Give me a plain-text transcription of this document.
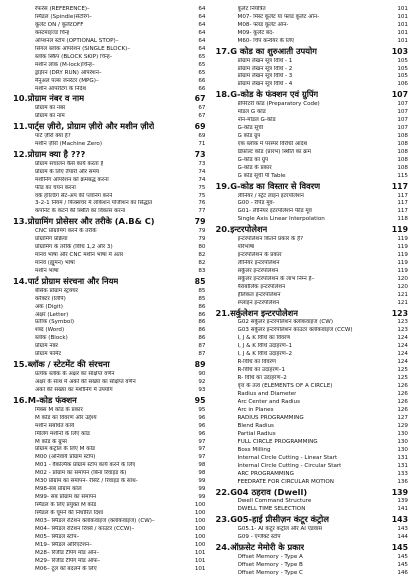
रेफरेंस (REFERENCE)–	64
स्पिंडल (Spindle)सेंटरिंग–	64
कूलेंट ON / कूलेंटOFF	64
कस्टमाइज्ड चिन्ह	64
ऑप्शनल स्टॉप (OPTIONAL STOP)–	64
सिंगल ब्लॉक ऑपरेशन (SINGLE BLOCK)–	64
ब्लॉक स्किप (BLOCK SKIP) चिन्ह–	65
मशीन लॉक (M-lock)चिन्ह–	65
ड्राईरन (DRY RUN) ऑपरेशन–	65
मैनुअल पल्स जनरेटर (MPG)–	66
मशीन ऑपरेटिंग के निर्देश	66
10.प्रोग्राम नंबर व नाम	67
प्रोग्राम का नंबर	67
प्रोग्राम का नाम	67
11.पार्ट्स ज़ीरो, प्रोग्राम ज़ीरो और मशीन ज़ीरो	69
पार्ट ज़ीरो क्या है?	69
मशीन ज़ीरो (Machine Zero)	71
12.प्रोग्राम क्या है ???	73
प्रोग्राम संचालन कैसे कार्य करता है	73
प्रोग्राम के लिए तैयारी और समय	74
मशीनिंग ऑपरेशन को क्रमबद्ध करना	74
फीड का चयन करना	75
वर्क होल्डिंग सेट-अप की प्लानिंग करने	75
3-2-1 नियम / फिक्सचर में लोकेशन पोजीशन का सिद्धांत	76
कंपोनेंट के कटने की स्थिति का विकास करना	77
13.प्रोग्रामिंग प्रोसेसर और तरीके (A.B& C)	79
CNC प्रोग्रामिंग करने के तरीके	79
प्रोग्रामिंग प्रक्रिया	79
प्रोग्रामिंग के तरीके (विधि 1,2 और 3)	80
मानव भाषा और CNC मशीन भाषा में अंतर	82
मानव (ह्यूमन) भाषा	82
मशीन भाषा	83
14.पार्ट प्रोग्राम संरचना और नियम	85
बेसिक प्रोग्राम स्ट्रक्चर	85
करैक्टर (लिपि)	85
अंक (Digit)	86
अक्षर (Letter)	86
प्रतीक (Symbol)	86
शब्द (Word)	86
ब्लॉक (Block)	86
प्रोग्राम नंबर	87
प्रोग्राम फॉर्मेट	87
15.ब्लॉक / स्टेटमेंट की संरचना	89
प्रत्येक ब्लॉक के अक्षर का संक्षिप्त वर्णन	90
अक्षर के साथ में अंकों की संख्या का संक्षिप्त वर्णन	92
अंकों की संख्या का मशीनिंग में उपयोग	93
16.M-कोड फंक्शन	95
मिक्स M कोड के प्रकार	95
M कोड का विवरण और उद्देश्य	96
मशीन संबंधित कार्य	96
मिलिंग मशीनों के लिए कोड	96
M कोड के ग्रुप्स	97
प्रोग्राम कंट्रोल के लिए M कोड	97
M00 (अनिवार्य प्रोग्राम स्टॉप)	97
M01 - वैकल्पिक प्रोग्राम स्टॉप कार्य करने के लिए	98
M02 - प्रोग्राम का समापन (बिना रिवाइंड के)	98
M30 प्रोग्राम का समापन- रीसेट / रिवाइंड के साथ-	99
M98-सब प्रोग्राम कॉल	99
M99- सब प्रोग्राम का समापन	99
स्पिंडल के लिए प्रयुक्त M कोड	100
स्पिंडल के घूमने की निर्धारित दिशा	100
M03– स्पिंडल रोटेशन क्लॉकवाइज (क्लॉकवाइज) (CW)–	100
M04– स्पिंडल रोटेशन रिवर्स / काउंटर (CCW)–	100
M05– स्पिंडल स्टॉप–	100
M19– स्पिंडल ओरिएंटेशन–	100
M28– रिजीड टैपिंग मोड ऑन–	101
M29– रिजीड टैपिंग मोड ऑफ–	101
M06– टूल को बदलने के लिए	101
कूलेंट नियंत्रित	101
M07- मिस्ट कूलेंट या फ्लड कूलेंट ऑन-	101
M08- फ्लड कूलेंट ऑन-	101
M09- कूलेंट बंद-	101
M60- चिप कन्वेयर के लिए	101
17.G कोड का शुरुआती उपयोग	103
प्रोग्राम लेखन सूत्र विधि - 1	105
प्रोग्राम लेखन सूत्र विधि - 2	105
प्रोग्राम लेखन सूत्र विधि - 3	105
प्रोग्राम लेखन सूत्र विधि - 4	106
18.G-कोड के फंक्शन एवं ग्रुपिंग	107
प्रीपेरेटरी कोड (Preparatory Code)	107
मोडल G कोड	107
नॉन-मोडल G-कोड	107
G-कोड सूची	107
G कोड ग्रुप	108
एक ब्लॉक में परस्पर विरोधी आदेश	108
डिफ़ॉल्ट कोड (प्रारंभ) स्थिति का क्रम	108
G-कोड का ग्रुप	108
G-कोड के प्रकार	108
G कोड सूची पी Table	115
19.G-कोड का विस्तार से विवरण	117
लीनियर / स्ट्रेट लाइन इंटरपोलेशन	117
G00 - रैपिड मूव-	117
G01- लीनियर इंटरपोलेशन फीड मूव	117
Single Axis Linear Interpolation	118
20.इन्टरपोलेशन	119
इन्टरपोलेशन कितने प्रकार के है?	119
परिभाषा	119
इन्टरपोलेशन के प्रकार	119
लीनियर इन्टरपोलेशन	119
सर्कुलर इन्टरपोलेशन	119
सर्कुलर इन्टरपोलेशन के लाभ निम्न है–	120
पैराबोलिक इन्टरपोलेशन	120
हेलिकल इन्टरपोलेशन	121
स्प्लाइन इन्टरपोलेशन	121
21.सर्कुलेशन इन्टरपोलेशन	123
G02 सर्कुलर इन्टरपोलेशन क्लॉकवाइज (CW)	123
G03 सर्कुलर इन्टरपोलेशन काउंटर क्लॉकवाइज (CCW)	123
I, J & K विधि का विवरण	124
I, J & K विधि उदाहरण–1	124
I, J & K विधि उदाहरण–2	124
R-विधि का विवरण	124
R-विधि का उदाहरण–1	125
R- विधि का उदाहरण–2	125
वृत्त के तत्व (ELEMENTS OF A CIRCLE)	126
Radius and Diameter	126
Arc Center and Radius	126
Arc in Planes	126
RADIUS PROGRAMMING	127
Blend Radius	129
Partial Radius	130
FULL CIRCLE PROGRAMMING	130
Boss Milling	130
Internal Circle Cutting - Linear Start	131
Internal Circle Cutting - Circular Start	131
ARC PROGRAMMING	133
FEEDRATE FOR CIRCULAR MOTION	136
22.G04 ठहराव (Dwell)	139
Dwell Command Structure	139
DWELL TIME SELECTION	141
23.G05-हाई प्रीसीज़न कंटूर कंट्रोल	143
G05.1- AI कंटूर कंट्रोल और AI एडवांस	143
G09 - एग्जैक्ट स्टॉप	144
24.ऑफ़सेट मेमोरी के प्रकार	145
Offset Memory - Type A	145
Offset Memory - Type B	145
Offset Memory - Type C	146
